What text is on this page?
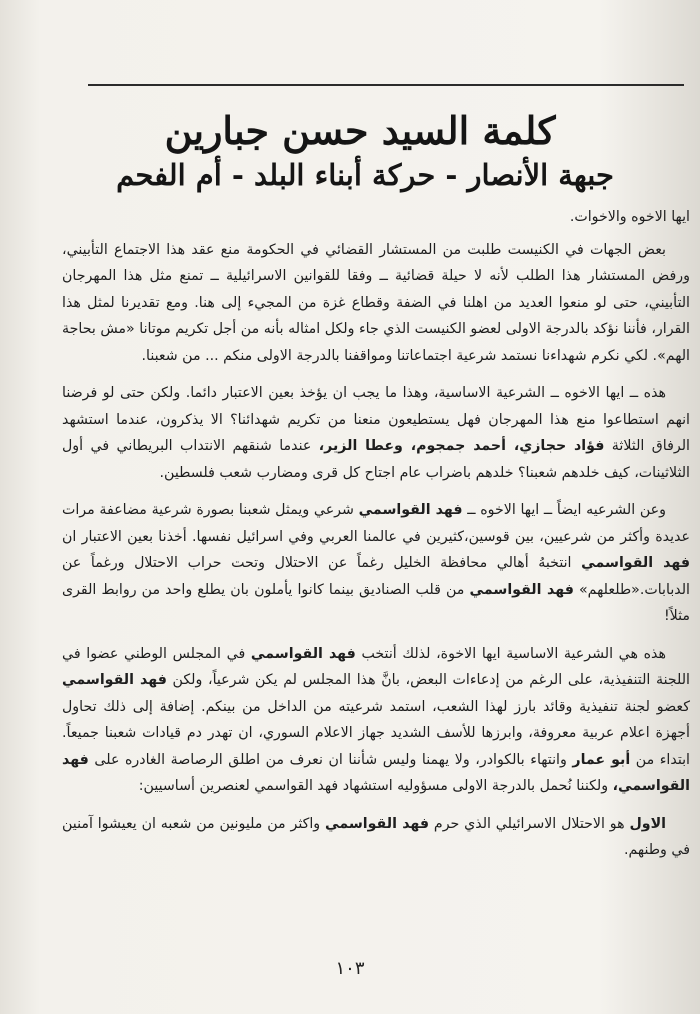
كلمة السيد حسن جبارين
جبهة الأنصار - حركة أبناء البلد - أم الفحم

ايها الاخوه والاخوات.

بعض الجهات في الكنيست طلبت من المستشار القضائي في الحكومة منع عقد هذا الاجتماع التأبيني، ورفض المستشار هذا الطلب لأنه لا حيلة قضائية ــ وفقا للقوانين الاسرائيلية ــ تمنع مثل هذا المهرجان التأبيني، حتى لو منعوا العديد من اهلنا في الضفة وقطاع غزة من المجيء إلى هنا. ومع تقديرنا لمثل هذا القرار، فأننا نؤكد بالدرجة الاولى لعضو الكنيست الذي جاء ولكل امثاله بأنه من أجل تكريم موتانا «مش بحاجة الهم». لكي نكرم شهداءنا نستمد شرعية اجتماعاتنا ومواقفنا بالدرجة الاولى منكم ... من شعبنا.

هذه ــ ايها الاخوه ــ الشرعية الاساسية، وهذا ما يجب ان يؤخذ بعين الاعتبار دائما. ولكن حتى لو فرضنا انهم استطاعوا منع هذا المهرجان فهل يستطيعون منعنا من تكريم شهدائنا؟ الا يذكرون، عندما استشهد الرفاق الثلاثة فؤاد حجازي، أحمد جمجوم، وعطا الزير، عندما شنقهم الانتداب البريطاني في أول الثلاثينات، كيف خلدهم شعبنا؟ خلدهم باضراب عام اجتاح كل قرى ومضارب شعب فلسطين.

وعن الشرعيه ايضاً ــ ايها الاخوه ــ فهد القواسمي شرعي ويمثل شعبنا بصورة شرعية مضاعفة مرات عديدة وأكثر من شرعيين، بين قوسين،كثيرين في عالمنا العربي وفي اسرائيل نفسها. أخذنا بعين الاعتبار ان فهد القواسمي انتخبهُ أهالي محافظة الخليل رغماً عن الاحتلال وتحت حراب الاحتلال ورغماً عن الدبابات.«طلعلهم» فهد القواسمي من قلب الصناديق بينما كانوا يأملون بان يطلع واحد من روابط القرى مثلاً!

هذه هي الشرعية الاساسية ايها الاخوة، لذلك أنتخب فهد القواسمي في المجلس الوطني عضوا في اللجنة التنفيذية، على الرغم من إدعاءات البعض، بانَّ هذا المجلس لم يكن شرعياً، ولكن فهد القواسمي كعضو لجنة تنفيذية وقائد بارز لهذا الشعب، استمد شرعيته من الداخل من بينكم. إضافة إلى ذلك تحاول أجهزة اعلام عربية معروفة، وابرزها للأسف الشديد جهاز الاعلام السوري، ان تهدر دم قيادات شعبنا جميعاً. ابتداء من أبو عمار وانتهاء بالكوادر، ولا يهمنا وليس شأننا ان نعرف من اطلق الرصاصة الغادره على فهد القواسمي، ولكننا نُحمل بالدرجة الاولى مسؤوليه استشهاد فهد القواسمي لعنصرين أساسيين:

الاول هو الاحتلال الاسرائيلي الذي حرم فهد القواسمي واكثر من مليونين من شعبه ان يعيشوا آمنين في وطنهم.

١٠٣
